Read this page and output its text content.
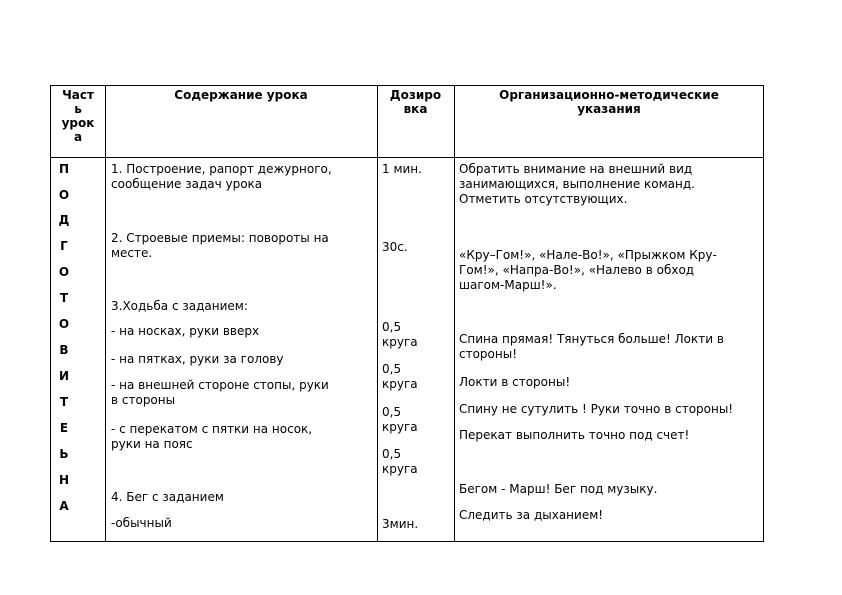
Част
ь
урок
а
Содержание урока	Дозиро
вка
Организационно-методические
указания
П
О
Д
Г
О
Т
О
В
И
Т
Е
Ь
Н
А
1. Построение, рапорт дежурного,
сообщение задач урока
2. Строевые приемы: повороты на
месте.
3.Ходьба с заданием:
- на носках, руки вверх
- на пятках, руки за голову
- на внешней стороне стопы, руки
в стороны
- с перекатом с пятки на носок,
руки на пояс
4. Бег с заданием
-обычный
1 мин.
30с.
0,5
круга
0,5
круга
0,5
круга
0,5
круга
3мин.
Обратить внимание на внешний вид
занимающихся, выполнение команд.
Отметить отсутствующих.
«Кру–Гом!», «Нале-Во!», «Прыжком Кру-
Гом!», «Напра-Во!», «Налево в обход
шагом-Марш!».
Спина прямая! Тянуться больше! Локти в
стороны!
Локти в стороны!
Спину не сутулить ! Руки точно в стороны!
Перекат выполнить точно под счет!
Бегом - Марш! Бег под музыку.
Следить за дыханием!
